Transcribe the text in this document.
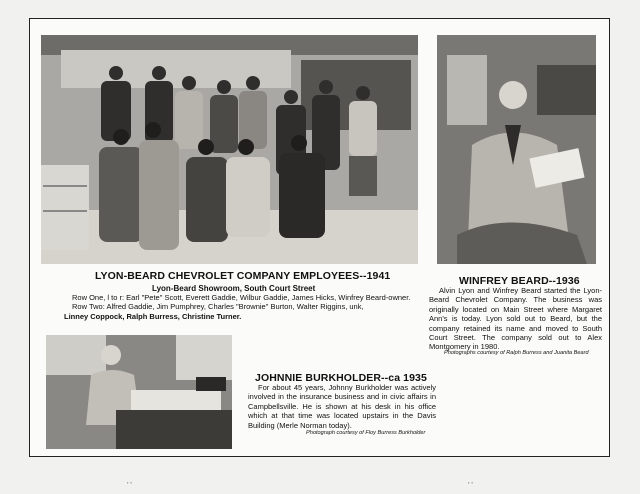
LYON-BEARD CHEVROLET COMPANY EMPLOYEES--1941
Lyon-Beard Showroom, South Court Street

Row One, l to r: Earl "Pete" Scott, Everett Gaddie, Wilbur Gaddie, James Hicks, Winfrey Beard-owner.

Row Two: Alfred Gaddie, Jim Pumphrey, Charles "Brownie" Burton, Walter Riggins, unk,

Linney Coppock, Ralph Burress, Christine Turner.

WINFREY BEARD--1936
Alvin Lyon and Winfrey Beard started the Lyon-Beard Chevrolet Company. The business was originally located on Main Street where Margaret Ann's is today. Lyon sold out to Beard, but the company retained its name and moved to South Court Street. The company sold out to Alex Montgomery in 1980.
Photographs courtesy of Ralph Burress and Juanita Beard
JOHNNIE BURKHOLDER--ca 1935
For about 45 years, Johnny Burkholder was actively involved in the insurance business and in civic affairs in Campbellsville. He is shown at his desk in his office which at that time was located upstairs in the Davis Building (Merle Norman today).
Photograph courtesy of Floy Burress Burkholder
’ ’	’ ’
